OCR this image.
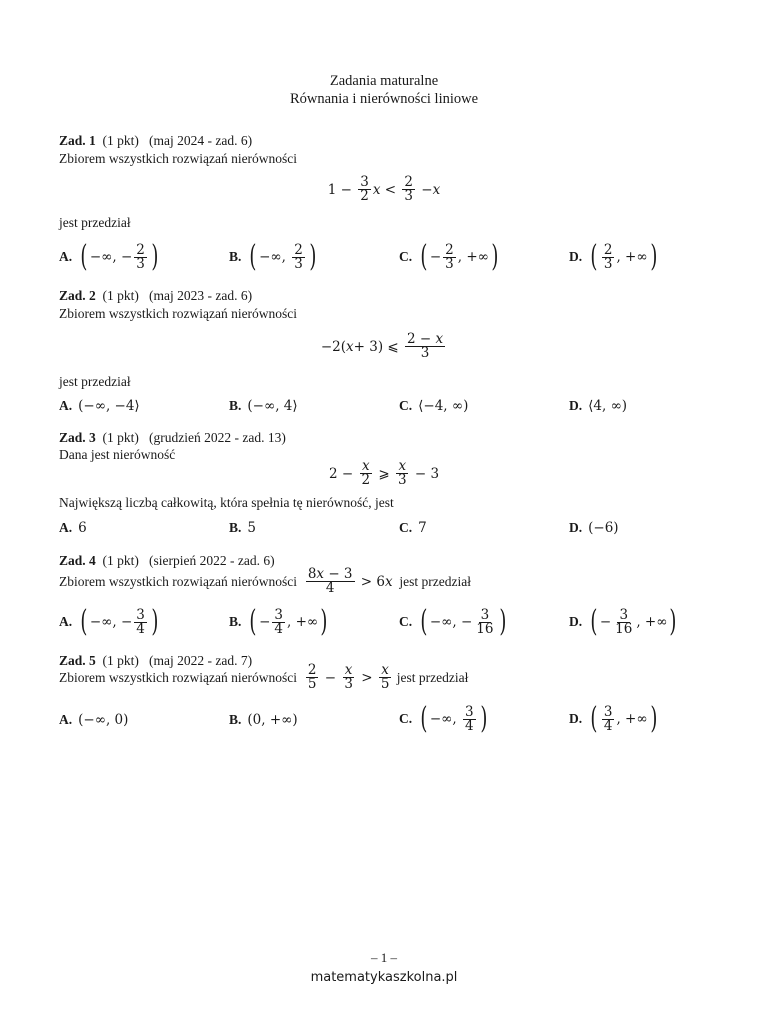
Zadania maturalne
Równania i nierówności liniowe
Zad. 1 (1 pkt) (maj 2024 - zad. 6)
Zbiorem wszystkich rozwiązań nierówności
$1 - \frac{3}{2}$ $x < \frac{2}{3} - x$
jest przedział
A. ( −∞, − $\frac{2}{3}$ )	B. ( −∞, $\frac{2}{3}$ )	C. ( − $\frac{2}{3}$ , +∞ )	D. ( $\frac{2}{3}$ , +∞ )
Zad. 2 (1 pkt) (maj 2023 - zad. 6)
Zbiorem wszystkich rozwiązań nierówności
−2( x + 3) ⩽ $\frac{2 - x}{3}$
jest przedział
A. (−∞, −4⟩	B. (−∞, 4⟩	C. ⟨−4, ∞)	D. ⟨4, ∞)
Zad. 3 (1 pkt) (grudzień 2022 - zad. 13)
Dana jest nierówność
$2 - \frac{x}{2}$ ⩾ $\frac{x}{3} - 3$
Największą liczbą całkowitą, która spełnia tę nierówność, jest
A. 6	B. 5	C. 7	D. (−6)
Zad. 4 (1 pkt) (sierpień 2022 - zad. 6)
Zbiorem wszystkich rozwiązań nierówności
$\frac{8x - 3}{4} > 6$ x
jest przedział
A. ( −∞, − $\frac{3}{4}$ )	B. ( − $\frac{3}{4}$ , +∞ )	C. ( −∞, − $\frac{3}{16}$ )	D. ( − $\frac{3}{16}$ , +∞ )
Zad. 5 (1 pkt) (maj 2022 - zad. 7)
Zbiorem wszystkich rozwiązań nierówności
$\frac{2}{5} - \frac{x}{3} > \frac{x}{5}$
jest przedział
A. (−∞, 0)	B. (0, +∞)	C. ( −∞, $\frac{3}{4}$ )	D. ( $\frac{3}{4}$ , +∞ )
– 1 –
matematykaszkolna.pl
